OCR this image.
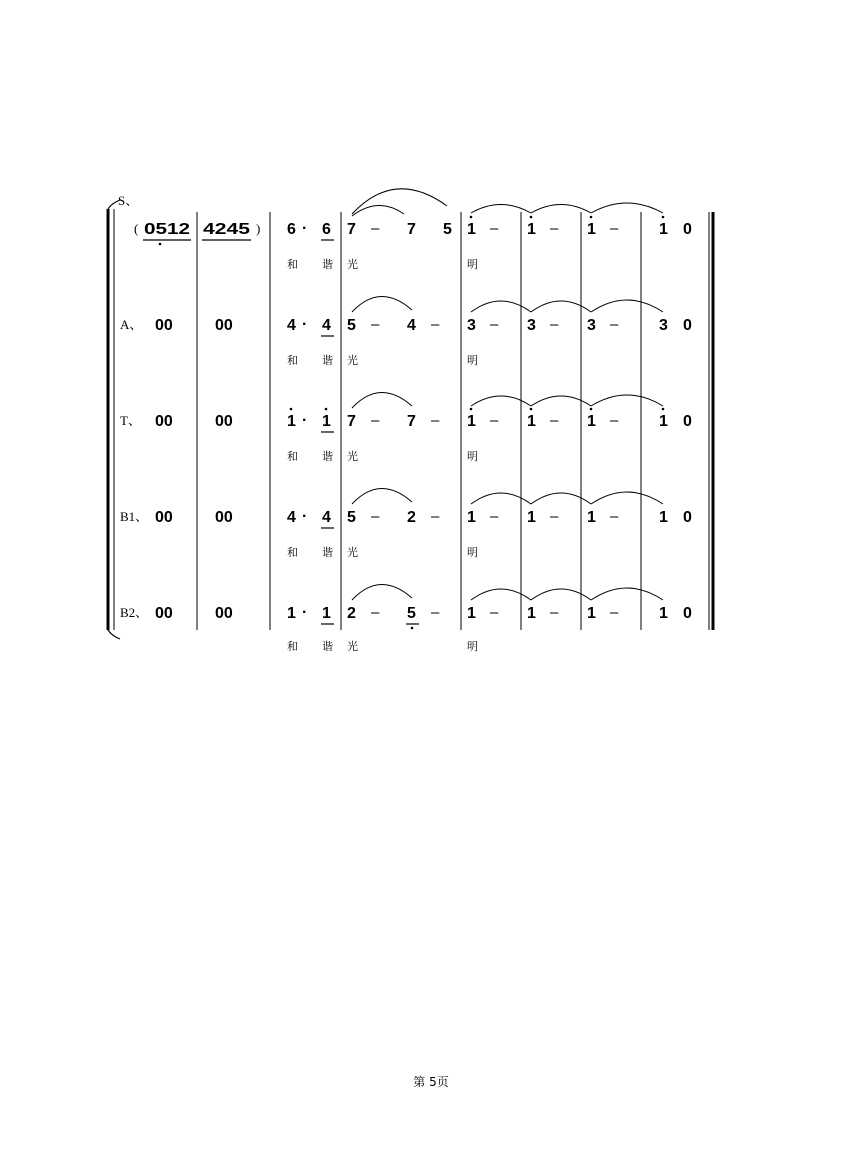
S、
( 0512 4245 ) 6 · 6 7 – 7 5 1 – 1 – 1 –	1 0
和 谐 光	明
A、 00	00	4 · 4 5 – 4 – 3 – 3 – 3 –	3 0
和 谐 光	明
T、 00	00	1 · 1 7 – 7 – 1 – 1 – 1 –	1 0
和 谐 光	明
B1、 00	00	4 · 4 5 – 2 – 1 – 1 – 1 –	1 0
和 谐 光	明
B2、 00	00	1 · 1 2 – 5 – 1 – 1 – 1 –	1 0
和 谐 光	明
第 5页
